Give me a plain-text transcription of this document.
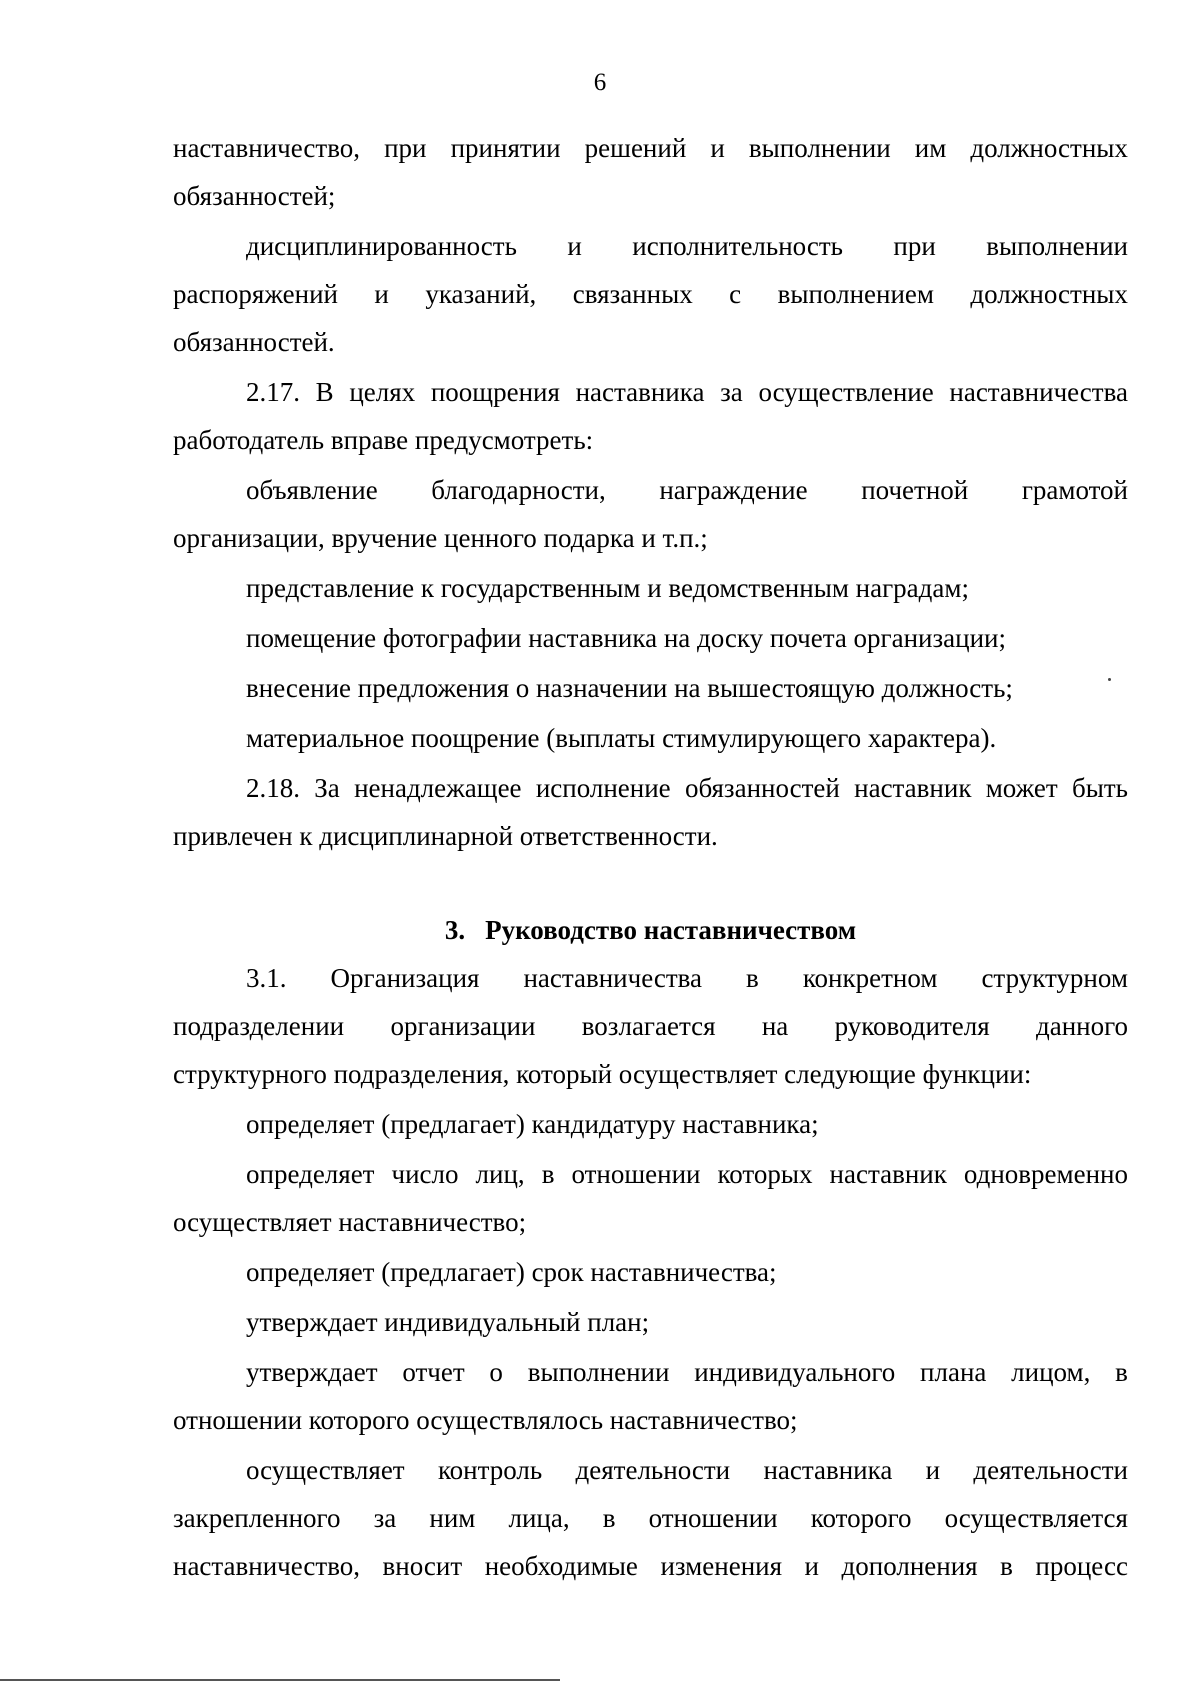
6
наставничество, при принятии решений и выполнении им должностных
обязанностей;
дисциплинированность и исполнительность при выполнении
распоряжений и указаний, связанных с выполнением должностных
обязанностей.
2.17. В целях поощрения наставника за осуществление наставничества
работодатель вправе предусмотреть:
объявление благодарности, награждение почетной грамотой
организации, вручение ценного подарка и т.п.;
представление к государственным и ведомственным наградам;
помещение фотографии наставника на доску почета организации;
внесение предложения о назначении на вышестоящую должность;
материальное поощрение (выплаты стимулирующего характера).
2.18. За ненадлежащее исполнение обязанностей наставник может быть
привлечен к дисциплинарной ответственности.
3. Руководство наставничеством
3.1. Организация наставничества в конкретном структурном
подразделении организации возлагается на руководителя данного
структурного подразделения, который осуществляет следующие функции:
определяет (предлагает) кандидатуру наставника;
определяет число лиц, в отношении которых наставник одновременно
осуществляет наставничество;
определяет (предлагает) срок наставничества;
утверждает индивидуальный план;
утверждает отчет о выполнении индивидуального плана лицом, в
отношении которого осуществлялось наставничество;
осуществляет контроль деятельности наставника и деятельности
закрепленного за ним лица, в отношении которого осуществляется
наставничество, вносит необходимые изменения и дополнения в процесс
